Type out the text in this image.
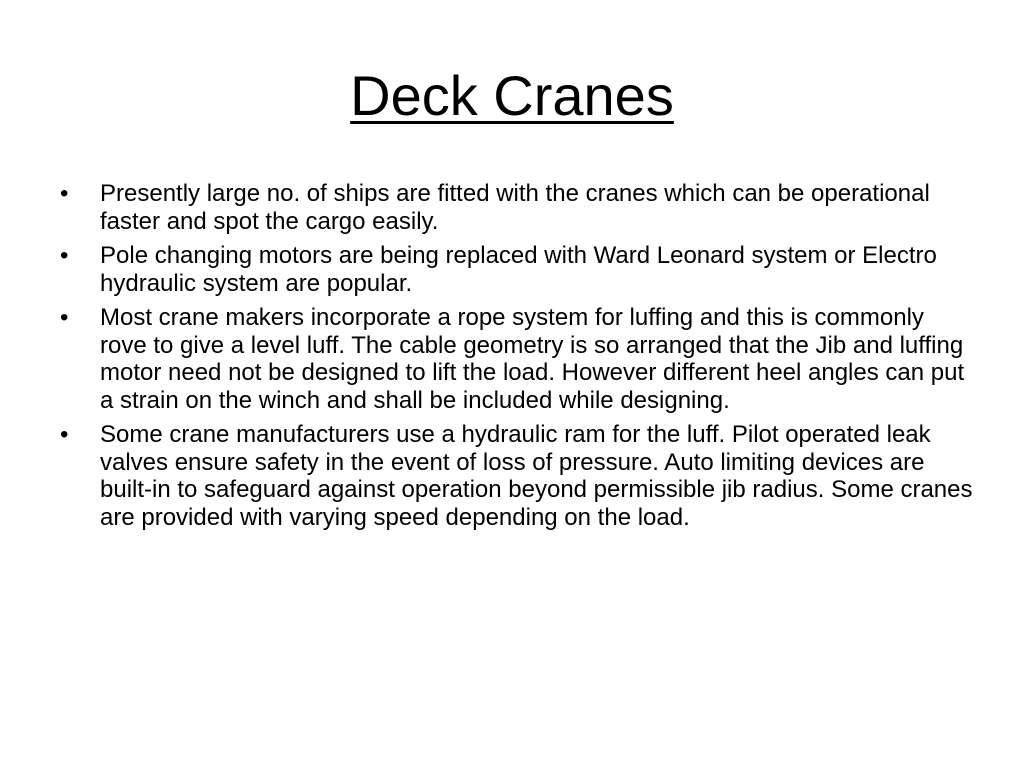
Deck Cranes
•	Presently large no. of ships are fitted with the cranes which can be operational faster and spot the cargo easily.
•	Pole changing motors are being replaced with Ward Leonard system or Electro hydraulic system are popular.
•	Most crane makers incorporate a rope system for luffing and this is commonly rove to give a level luff. The cable geometry is so arranged that the Jib and luffing motor need not be designed to lift the load. However different heel angles can put a strain on the winch and shall be included while designing.
•	Some crane manufacturers use a hydraulic ram for the luff. Pilot operated leak valves ensure safety in the event of loss of pressure. Auto limiting devices are built-in to safeguard against operation beyond permissible jib radius. Some cranes are provided with varying speed depending on the load.
